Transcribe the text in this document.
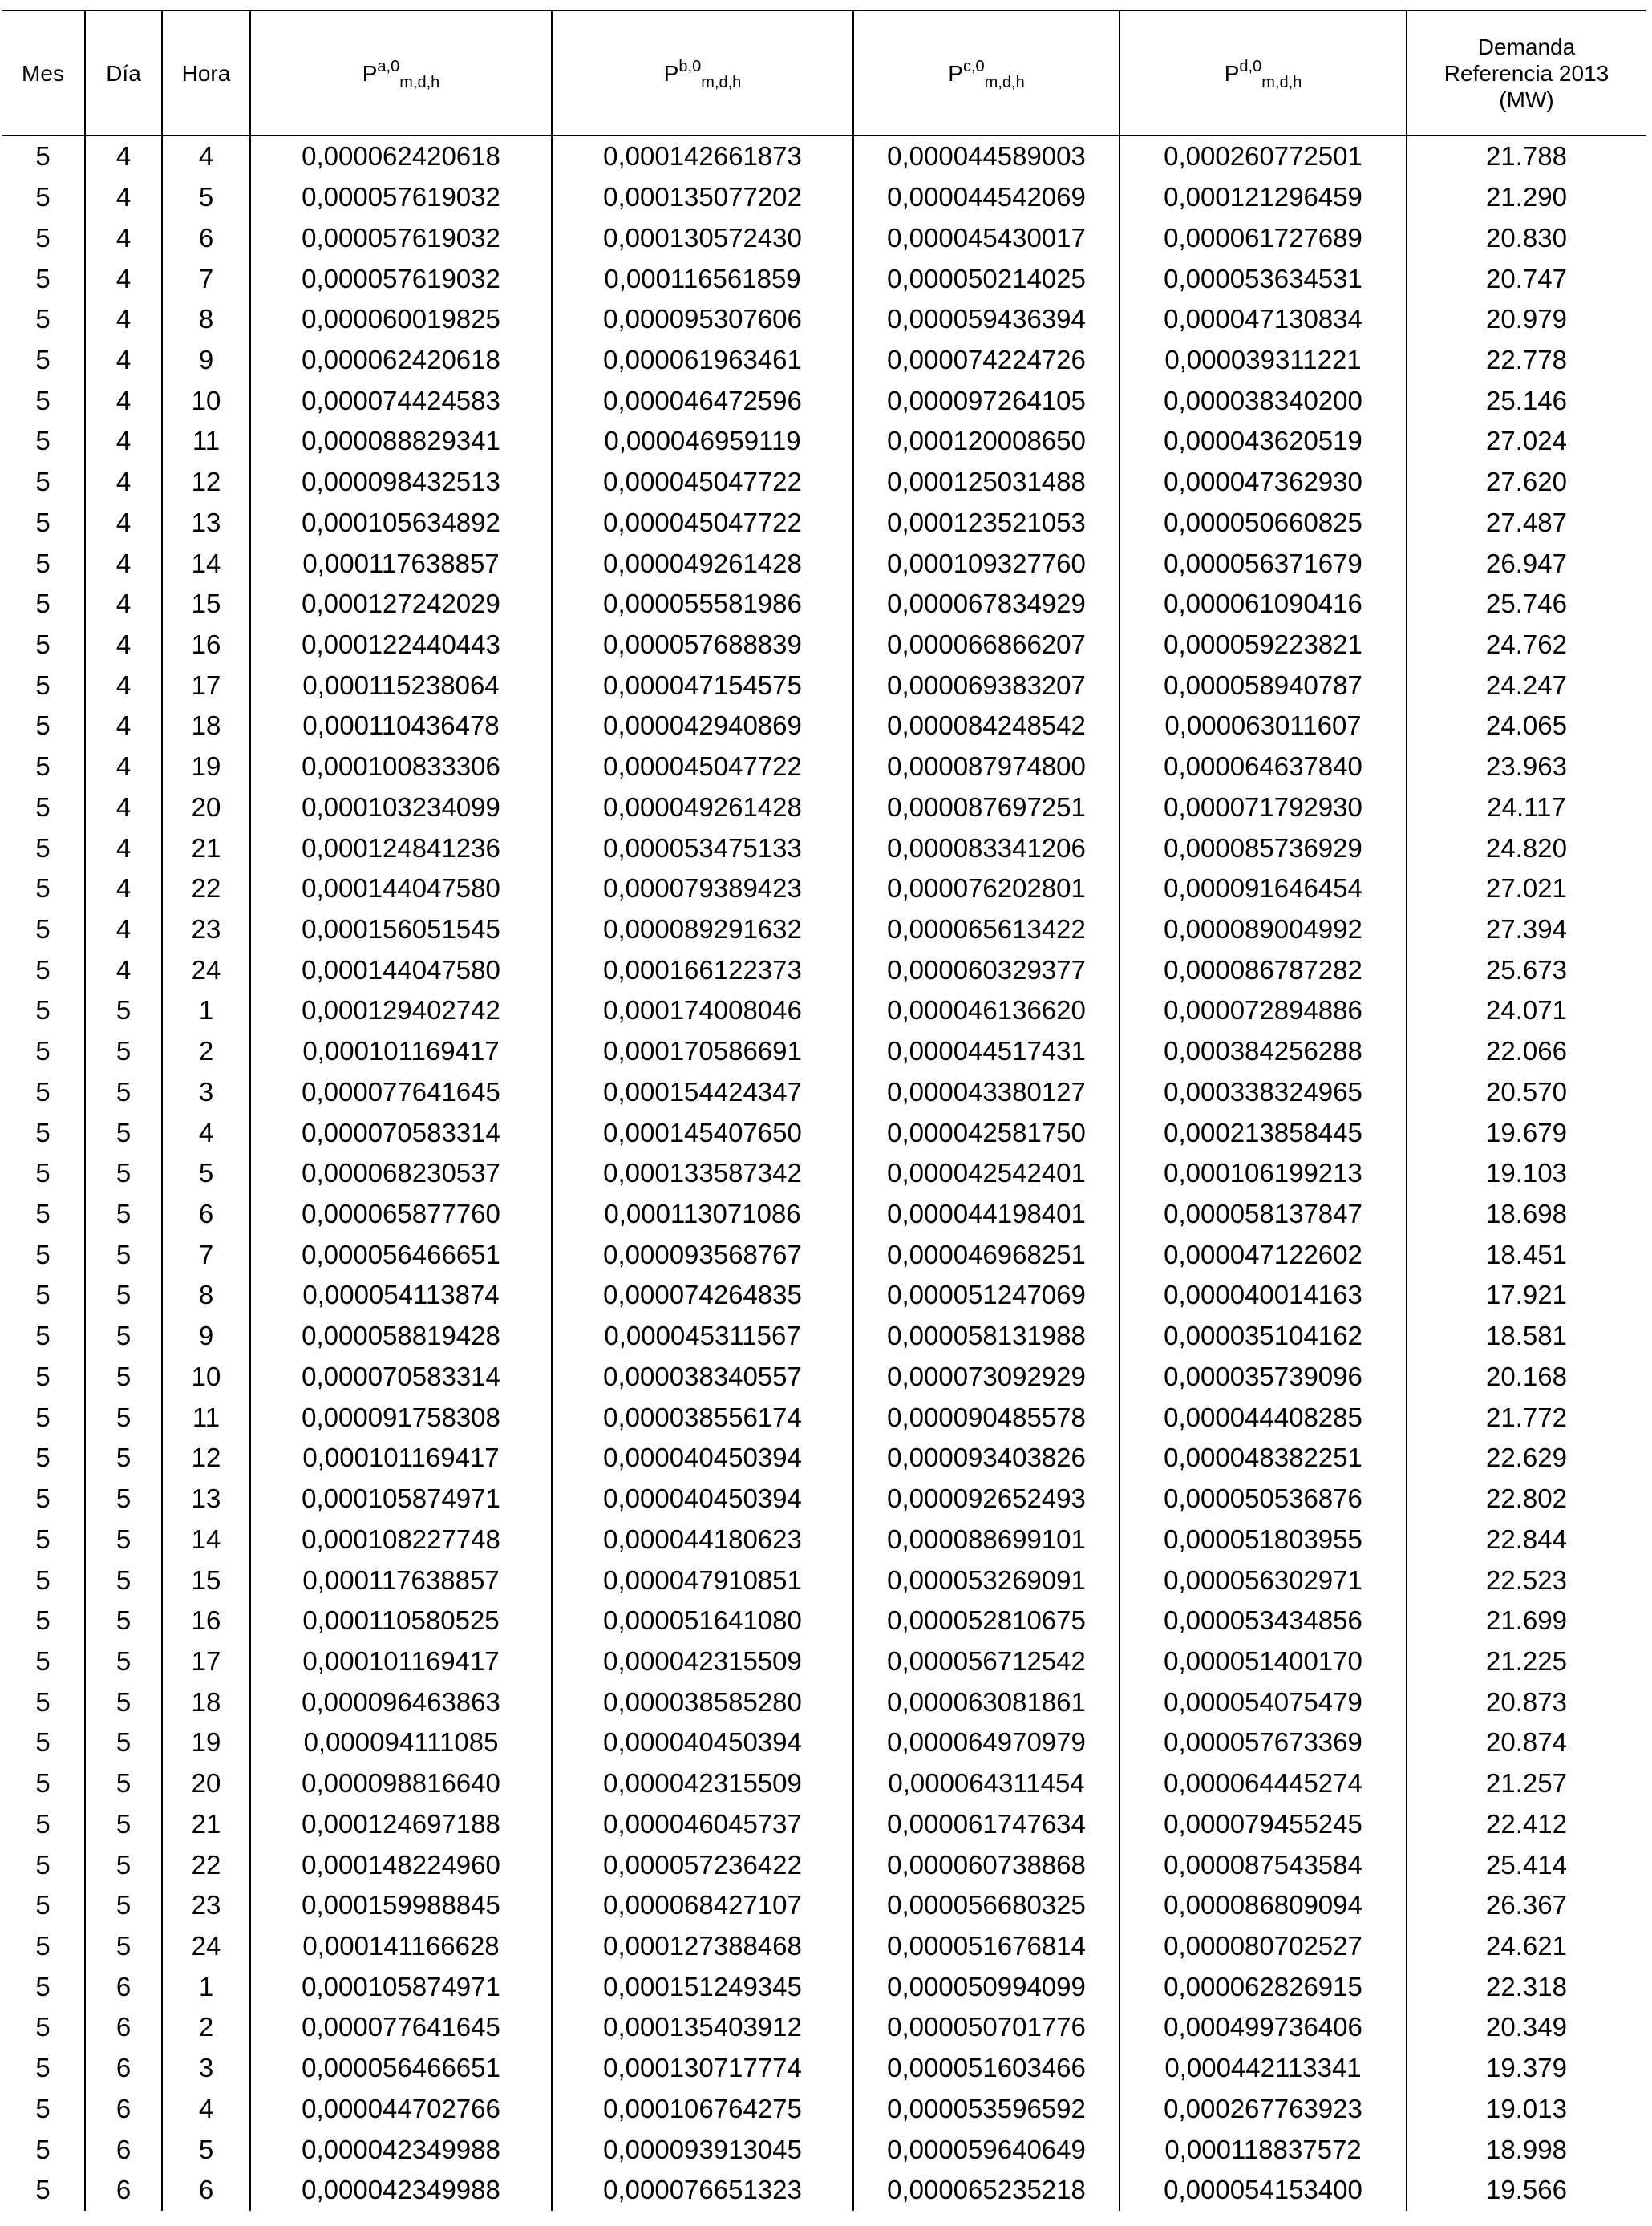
Mes	Día	Hora	P$^{a,0}_{m,d,h}$	P$^{b,0}_{m,d,h}$	P$^{c,0}_{m,d,h}$	P$^{d,0}_{m,d,h}$	Demanda
Referencia 2013
(MW)
5	4	4	0,000062420618	0,000142661873	0,000044589003	0,000260772501	21.788
5	4	5	0,000057619032	0,000135077202	0,000044542069	0,000121296459	21.290
5	4	6	0,000057619032	0,000130572430	0,000045430017	0,000061727689	20.830
5	4	7	0,000057619032	0,000116561859	0,000050214025	0,000053634531	20.747
5	4	8	0,000060019825	0,000095307606	0,000059436394	0,000047130834	20.979
5	4	9	0,000062420618	0,000061963461	0,000074224726	0,000039311221	22.778
5	4	10	0,000074424583	0,000046472596	0,000097264105	0,000038340200	25.146
5	4	11	0,000088829341	0,000046959119	0,000120008650	0,000043620519	27.024
5	4	12	0,000098432513	0,000045047722	0,000125031488	0,000047362930	27.620
5	4	13	0,000105634892	0,000045047722	0,000123521053	0,000050660825	27.487
5	4	14	0,000117638857	0,000049261428	0,000109327760	0,000056371679	26.947
5	4	15	0,000127242029	0,000055581986	0,000067834929	0,000061090416	25.746
5	4	16	0,000122440443	0,000057688839	0,000066866207	0,000059223821	24.762
5	4	17	0,000115238064	0,000047154575	0,000069383207	0,000058940787	24.247
5	4	18	0,000110436478	0,000042940869	0,000084248542	0,000063011607	24.065
5	4	19	0,000100833306	0,000045047722	0,000087974800	0,000064637840	23.963
5	4	20	0,000103234099	0,000049261428	0,000087697251	0,000071792930	24.117
5	4	21	0,000124841236	0,000053475133	0,000083341206	0,000085736929	24.820
5	4	22	0,000144047580	0,000079389423	0,000076202801	0,000091646454	27.021
5	4	23	0,000156051545	0,000089291632	0,000065613422	0,000089004992	27.394
5	4	24	0,000144047580	0,000166122373	0,000060329377	0,000086787282	25.673
5	5	1	0,000129402742	0,000174008046	0,000046136620	0,000072894886	24.071
5	5	2	0,000101169417	0,000170586691	0,000044517431	0,000384256288	22.066
5	5	3	0,000077641645	0,000154424347	0,000043380127	0,000338324965	20.570
5	5	4	0,000070583314	0,000145407650	0,000042581750	0,000213858445	19.679
5	5	5	0,000068230537	0,000133587342	0,000042542401	0,000106199213	19.103
5	5	6	0,000065877760	0,000113071086	0,000044198401	0,000058137847	18.698
5	5	7	0,000056466651	0,000093568767	0,000046968251	0,000047122602	18.451
5	5	8	0,000054113874	0,000074264835	0,000051247069	0,000040014163	17.921
5	5	9	0,000058819428	0,000045311567	0,000058131988	0,000035104162	18.581
5	5	10	0,000070583314	0,000038340557	0,000073092929	0,000035739096	20.168
5	5	11	0,000091758308	0,000038556174	0,000090485578	0,000044408285	21.772
5	5	12	0,000101169417	0,000040450394	0,000093403826	0,000048382251	22.629
5	5	13	0,000105874971	0,000040450394	0,000092652493	0,000050536876	22.802
5	5	14	0,000108227748	0,000044180623	0,000088699101	0,000051803955	22.844
5	5	15	0,000117638857	0,000047910851	0,000053269091	0,000056302971	22.523
5	5	16	0,000110580525	0,000051641080	0,000052810675	0,000053434856	21.699
5	5	17	0,000101169417	0,000042315509	0,000056712542	0,000051400170	21.225
5	5	18	0,000096463863	0,000038585280	0,000063081861	0,000054075479	20.873
5	5	19	0,000094111085	0,000040450394	0,000064970979	0,000057673369	20.874
5	5	20	0,000098816640	0,000042315509	0,000064311454	0,000064445274	21.257
5	5	21	0,000124697188	0,000046045737	0,000061747634	0,000079455245	22.412
5	5	22	0,000148224960	0,000057236422	0,000060738868	0,000087543584	25.414
5	5	23	0,000159988845	0,000068427107	0,000056680325	0,000086809094	26.367
5	5	24	0,000141166628	0,000127388468	0,000051676814	0,000080702527	24.621
5	6	1	0,000105874971	0,000151249345	0,000050994099	0,000062826915	22.318
5	6	2	0,000077641645	0,000135403912	0,000050701776	0,000499736406	20.349
5	6	3	0,000056466651	0,000130717774	0,000051603466	0,000442113341	19.379
5	6	4	0,000044702766	0,000106764275	0,000053596592	0,000267763923	19.013
5	6	5	0,000042349988	0,000093913045	0,000059640649	0,000118837572	18.998
5	6	6	0,000042349988	0,000076651323	0,000065235218	0,000054153400	19.566
